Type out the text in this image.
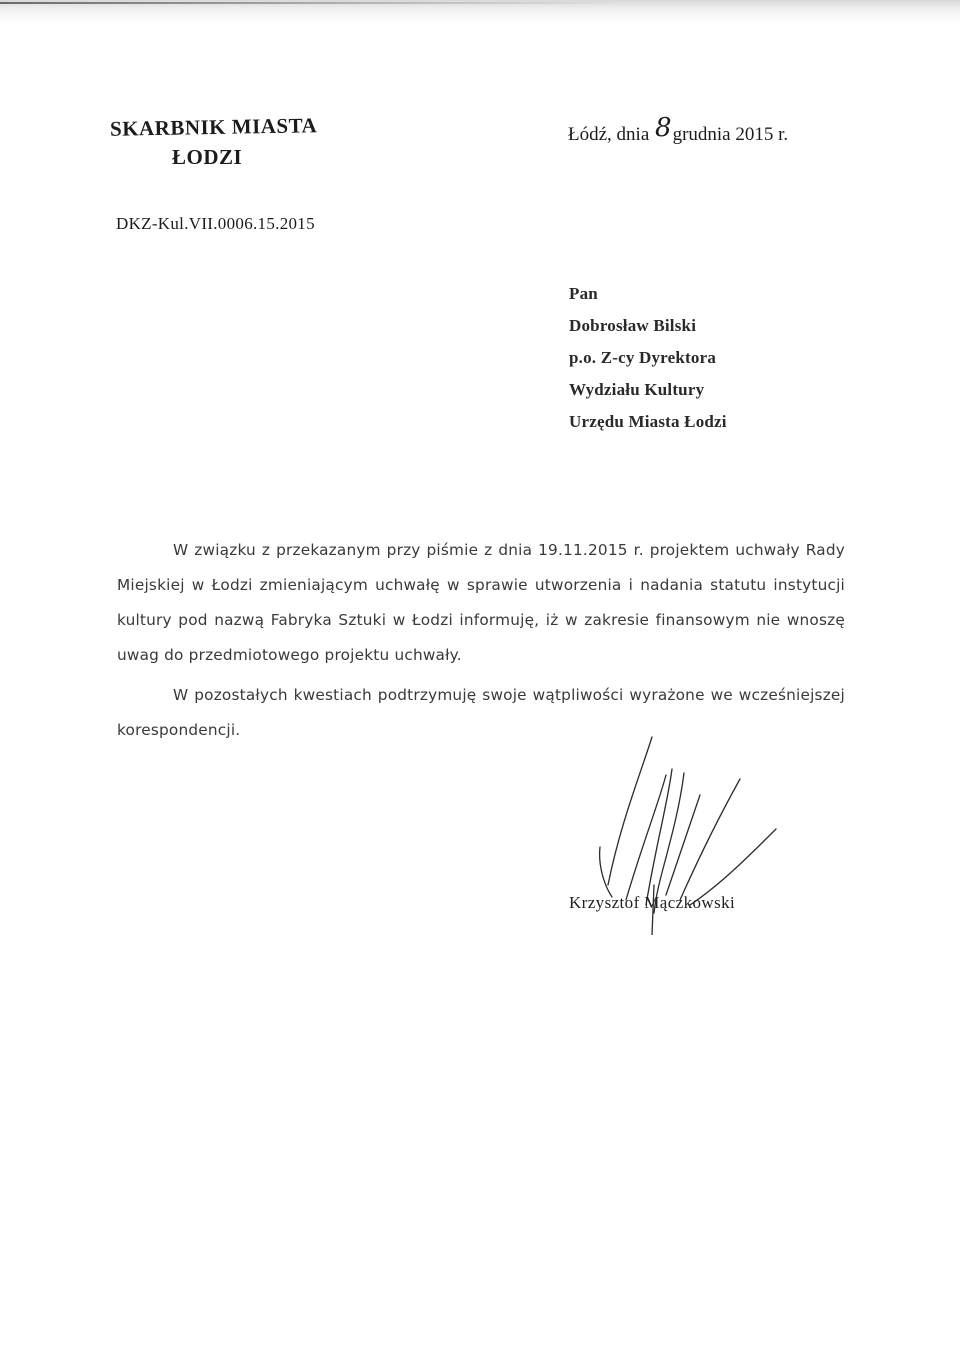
SKARBNIK MIASTA
ŁODZI
Łódź, dnia 8grudnia 2015 r.
DKZ-Kul.VII.0006.15.2015
Pan
Dobrosław Bilski
p.o. Z-cy Dyrektora
Wydziału Kultury
Urzędu Miasta Łodzi

W związku z przekazanym przy piśmie z dnia 19.11.2015 r. projektem uchwały Rady Miejskiej w Łodzi zmieniającym uchwałę w sprawie utworzenia i nadania statutu instytucji kultury pod nazwą Fabryka Sztuki w Łodzi informuję, iż w zakresie finansowym nie wnoszę uwag do przedmiotowego projektu uchwały.

W pozostałych kwestiach podtrzymuję swoje wątpliwości wyrażone we wcześniejszej korespondencji.

Krzysztof Mączkowski
